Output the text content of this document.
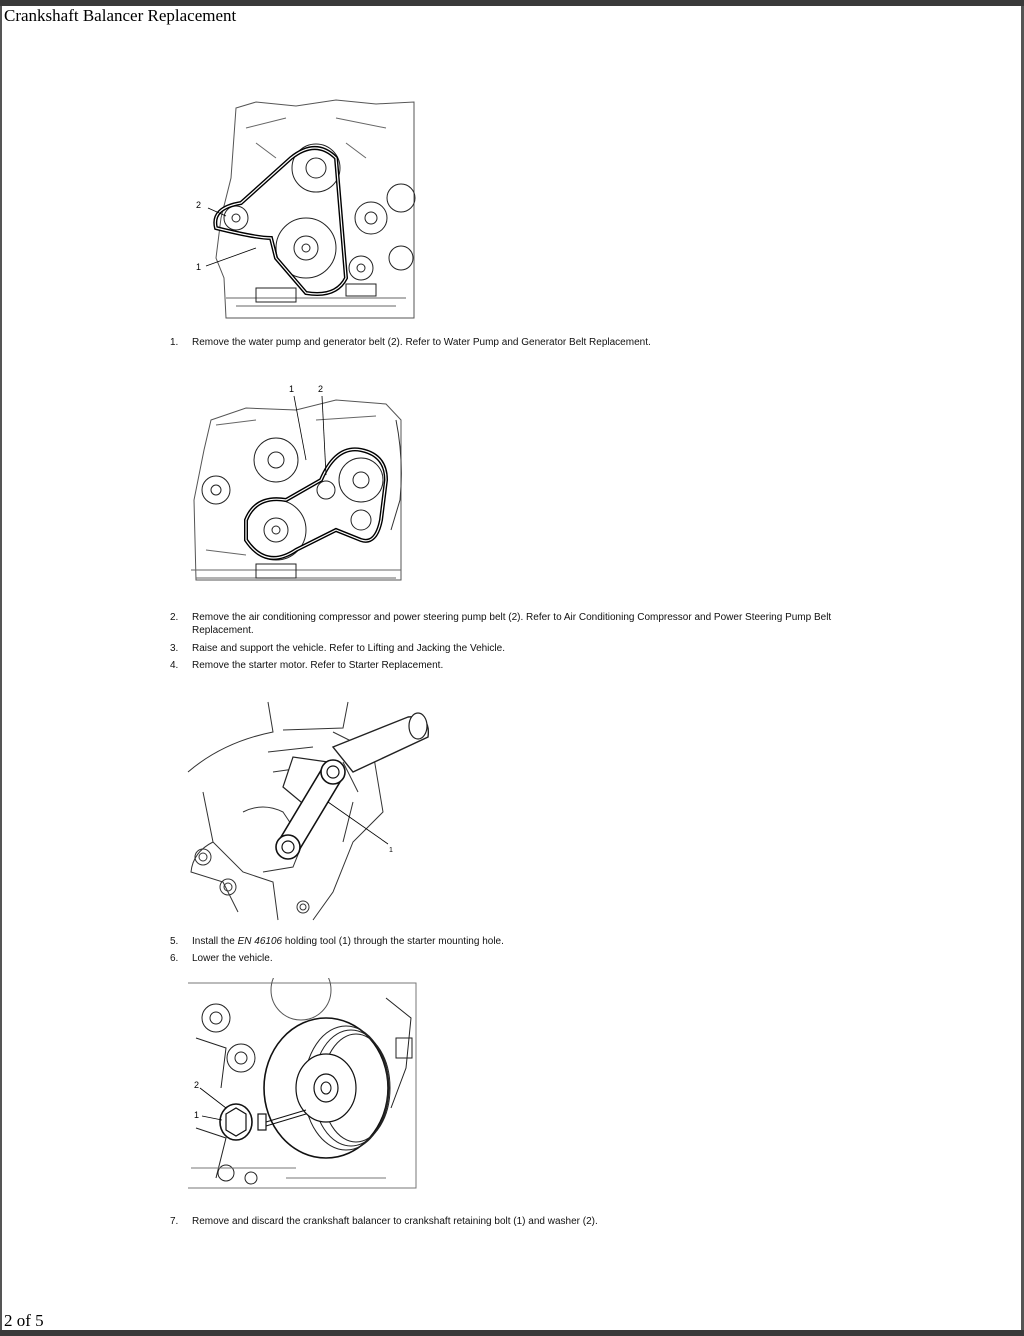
Crankshaft Balancer Replacement
2
1
1.	Remove the water pump and generator belt (2). Refer to Water Pump and Generator Belt Replacement.
1	2
2.	Remove the air conditioning compressor and power steering pump belt (2). Refer to Air Conditioning Compressor and Power Steering Pump Belt Replacement.
3.	Raise and support the vehicle. Refer to Lifting and Jacking the Vehicle.
4.	Remove the starter motor. Refer to Starter Replacement.
1
5.	Install the EN 46106 holding tool (1) through the starter mounting hole.
6.	Lower the vehicle.
2
1
7.	Remove and discard the crankshaft balancer to crankshaft retaining bolt (1) and washer (2).
2 of 5
